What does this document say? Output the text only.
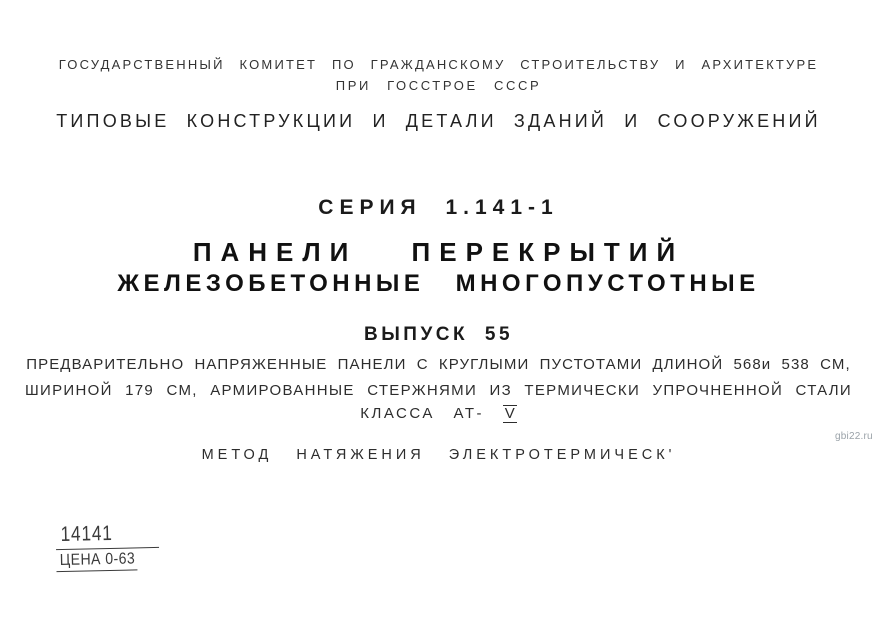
ГОСУДАРСТВЕННЫЙ КОМИТЕТ ПО ГРАЖДАНСКОМУ СТРОИТЕЛЬСТВУ И АРХИТЕКТУРЕ
ПРИ ГОССТРОЕ СССР
ТИПОВЫЕ КОНСТРУКЦИИ И ДЕТАЛИ ЗДАНИЙ И СООРУЖЕНИЙ
СЕРИЯ 1.141-1
ПАНЕЛИ ПЕРЕКРЫТИЙ
ЖЕЛЕЗОБЕТОННЫЕ МНОГОПУСТОТНЫЕ
ВЫПУСК 55
ПРЕДВАРИТЕЛЬНО НАПРЯЖЕННЫЕ ПАНЕЛИ С КРУГЛЫМИ ПУСТОТАМИ ДЛИНОЙ 568и 538 СМ,
ШИРИНОЙ 179 СМ, АРМИРОВАННЫЕ СТЕРЖНЯМИ ИЗ ТЕРМИЧЕСКИ УПРОЧНЕННОЙ СТАЛИ
КЛАССА АТ- V
МЕТОД НАТЯЖЕНИЯ ЭЛЕКТРОТЕРМИЧЕСК'
14141
ЦЕНА 0-63
gbi22.ru
